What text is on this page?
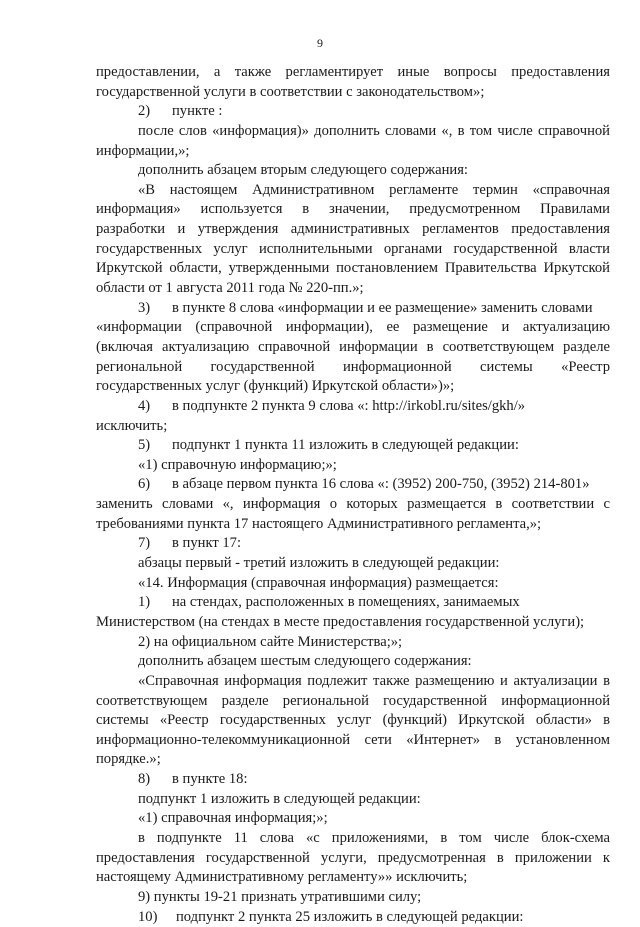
9
предоставлении, а также регламентирует иные вопросы предоставления
государственной услуги в соответствии с законодательством»;
2) пункте :
после слов «информация)» дополнить словами «, в том числе справочной
информации,»;
дополнить абзацем вторым следующего содержания:
«В настоящем Административном регламенте термин «справочная
информация» используется в значении, предусмотренном Правилами
разработки и утверждения административных регламентов предоставления
государственных услуг исполнительными органами государственной власти
Иркутской области, утвержденными постановлением Правительства Иркутской
области от 1 августа 2011 года № 220-пп.»;
3) в пункте 8 слова «информации и ее размещение» заменить словами
«информации (справочной информации), ее размещение и актуализацию
(включая актуализацию справочной информации в соответствующем разделе
региональной государственной информационной системы «Реестр
государственных услуг (функций) Иркутской области»)»;
4) в подпункте 2 пункта 9 слова «: http://irkobl.ru/sites/gkh/»
исключить;
5) подпункт 1 пункта 11 изложить в следующей редакции:
«1) справочную информацию;»;
6) в абзаце первом пункта 16 слова «: (3952) 200-750, (3952) 214-801»
заменить словами «, информация о которых размещается в соответствии с
требованиями пункта 17 настоящего Административного регламента,»;
7) в пункт 17:
абзацы первый - третий изложить в следующей редакции:
«14. Информация (справочная информация) размещается:
1) на стендах, расположенных в помещениях, занимаемых
Министерством (на стендах в месте предоставления государственной услуги);
2) на официальном сайте Министерства;»;
дополнить абзацем шестым следующего содержания:
«Справочная информация подлежит также размещению и актуализации в
соответствующем разделе региональной государственной информационной
системы «Реестр государственных услуг (функций) Иркутской области» в
информационно-телекоммуникационной сети «Интернет» в установленном
порядке.»;
8) в пункте 18:
подпункт 1 изложить в следующей редакции:
«1) справочная информация;»;
в подпункте 11 слова «с приложениями, в том числе блок-схема
предоставления государственной услуги, предусмотренная в приложении к
настоящему Административному регламенту»» исключить;
9) пункты 19-21 признать утратившими силу;
10) подпункт 2 пункта 25 изложить в следующей редакции:
